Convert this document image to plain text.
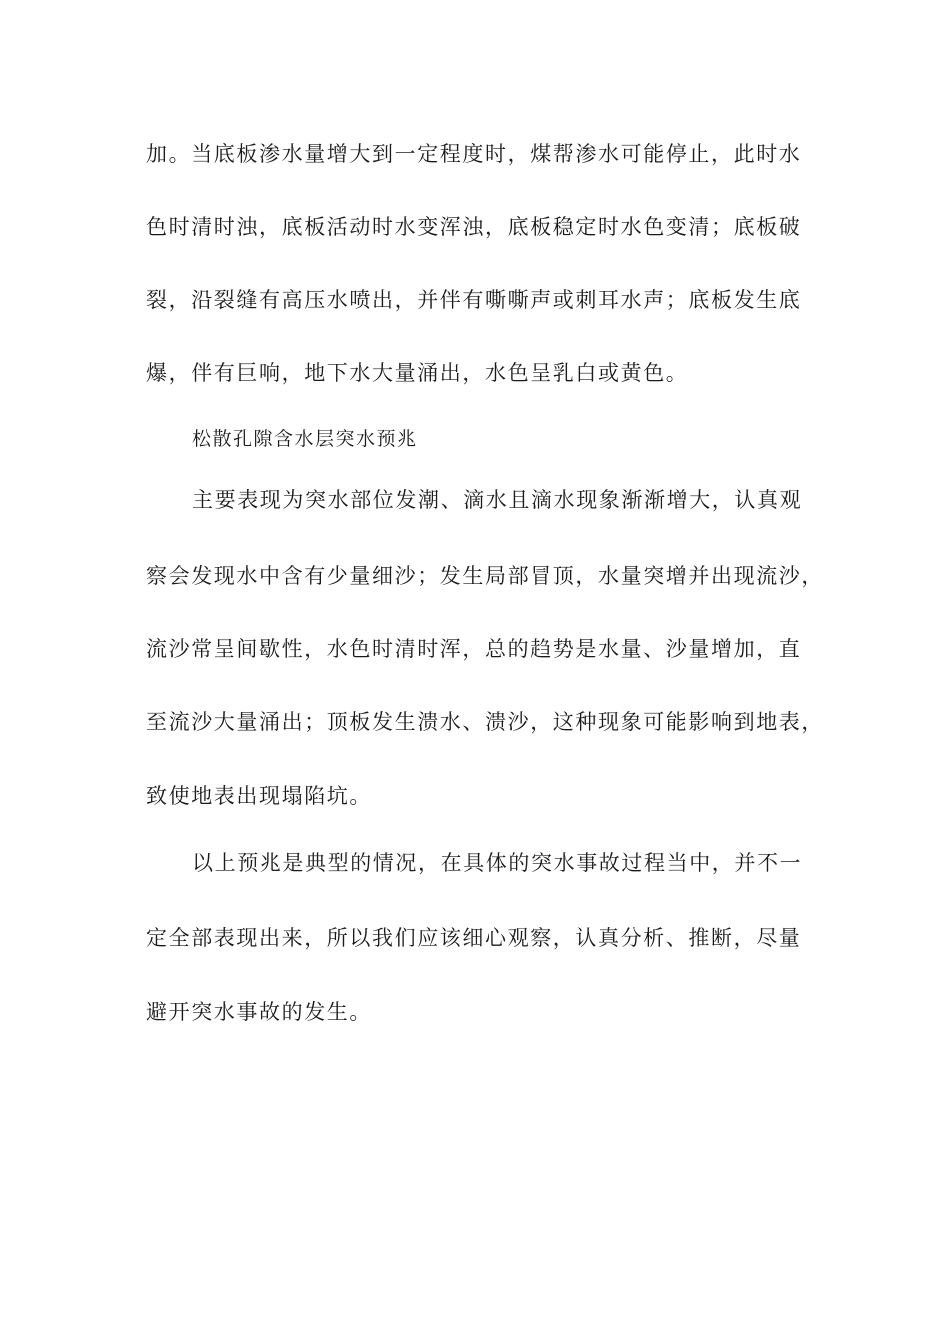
加。当底板渗水量增大到一定程度时，煤帮渗水可能停止，此时水
色时清时浊，底板活动时水变浑浊，底板稳定时水色变清；底板破
裂，沿裂缝有高压水喷出，并伴有嘶嘶声或刺耳水声；底板发生底
爆，伴有巨响，地下水大量涌出，水色呈乳白或黄色。
松散孔隙含水层突水预兆
主要表现为突水部位发潮、滴水且滴水现象渐渐增大，认真观
察会发现水中含有少量细沙；发生局部冒顶，水量突增并出现流沙，
流沙常呈间歇性，水色时清时浑，总的趋势是水量、沙量增加，直
至流沙大量涌出；顶板发生溃水、溃沙，这种现象可能影响到地表，
致使地表出现塌陷坑。
以上预兆是典型的情况，在具体的突水事故过程当中，并不一
定全部表现出来，所以我们应该细心观察，认真分析、推断，尽量
避开突水事故的发生。
